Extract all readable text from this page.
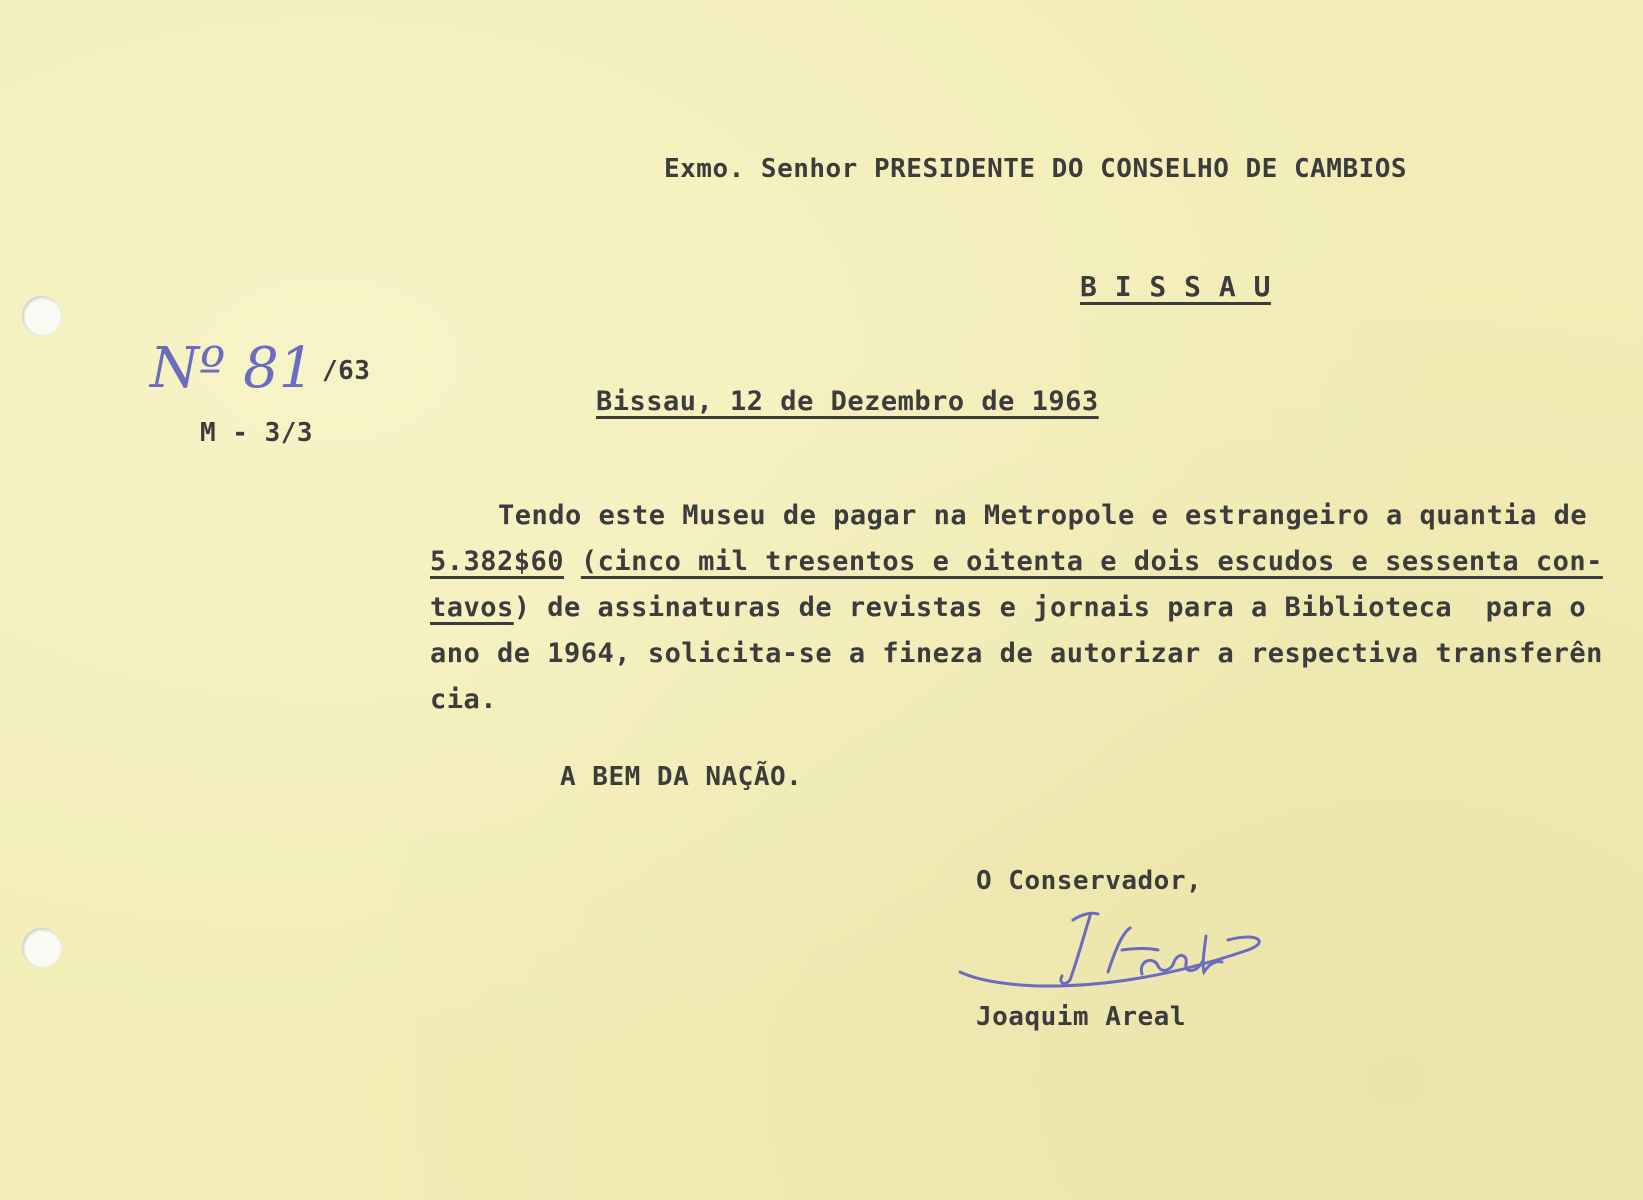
Exmo. Senhor PRESIDENTE DO CONSELHO DE CAMBIOS
B I S S A U
Nº 81 /63
M - 3/3
Bissau, 12 de Dezembro de 1963
Tendo este Museu de pagar na Metropole e estrangeiro a quantia de
5.382$60 (cinco mil tresentos e oitenta e dois escudos e sessenta con-
tavos) de assinaturas de revistas e jornais para a Biblioteca  para o
ano de 1964, solicita-se a fineza de autorizar a respectiva transferên
cia.
A BEM DA NAÇÃO.
O Conservador,
Joaquim Areal
